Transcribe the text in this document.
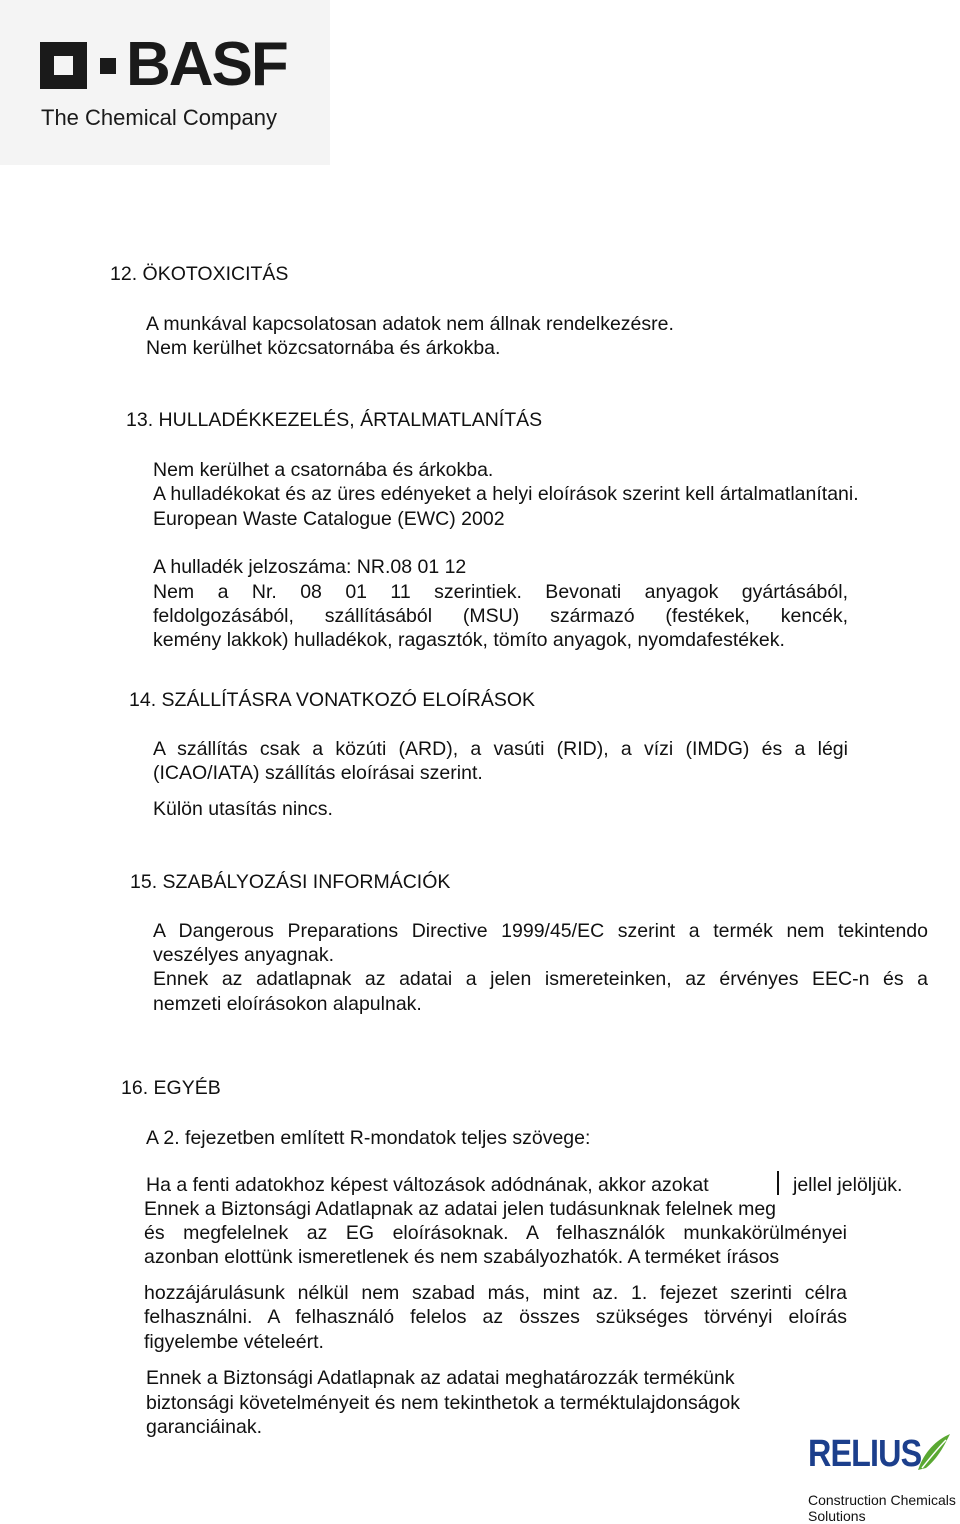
BASF
The Chemical Company
12. ÖKOTOXICITÁS
A munkával kapcsolatosan adatok nem állnak rendelkezésre.
Nem kerülhet közcsatornába és árkokba.
13. HULLADÉKKEZELÉS, ÁRTALMATLANÍTÁS
Nem kerülhet a csatornába és árkokba.
A hulladékokat és az üres edényeket a helyi eloírások szerint kell ártalmatlanítani.
European Waste Catalogue (EWC) 2002
A hulladék jelzoszáma: NR.08 01 12
Nem a Nr. 08 01 11 szerintiek. Bevonati anyagok gyártásából,
feldolgozásából, szállításából (MSU) származó (festékek, kencék,
kemény lakkok) hulladékok, ragasztók, tömíto anyagok, nyomdafestékek.
14. SZÁLLÍTÁSRA VONATKOZÓ ELOÍRÁSOK
A szállítás csak a közúti (ARD), a vasúti (RID), a vízi (IMDG) és a légi
(ICAO/IATA) szállítás eloírásai szerint.
Külön utasítás nincs.
15. SZABÁLYOZÁSI INFORMÁCIÓK
A Dangerous Preparations Directive 1999/45/EC szerint a termék nem tekintendo
veszélyes anyagnak.
Ennek az adatlapnak az adatai a jelen ismereteinken, az érvényes EEC-n és a
nemzeti eloírásokon alapulnak.
16. EGYÉB
A 2. fejezetben említett R-mondatok teljes szövege:
Ha a fenti adatokhoz képest változások adódnának, akkor azokat	jellel jelöljük.
Ennek a Biztonsági Adatlapnak az adatai jelen tudásunknak felelnek meg
és megfelelnek az EG eloírásoknak. A felhasználók munkakörülményei
azonban elottünk ismeretlenek és nem szabályozhatók. A terméket írásos
hozzájárulásunk nélkül nem szabad más, mint az. 1. fejezet szerinti célra
felhasználni. A felhasználó felelos az összes szükséges törvényi eloírás
figyelembe vételeért.
Ennek a Biztonsági Adatlapnak az adatai meghatározzák termékünk
biztonsági követelményeit és nem tekinthetok a terméktulajdonságok
garanciáinak.
RELIUS
Construction Chemicals
Solutions
